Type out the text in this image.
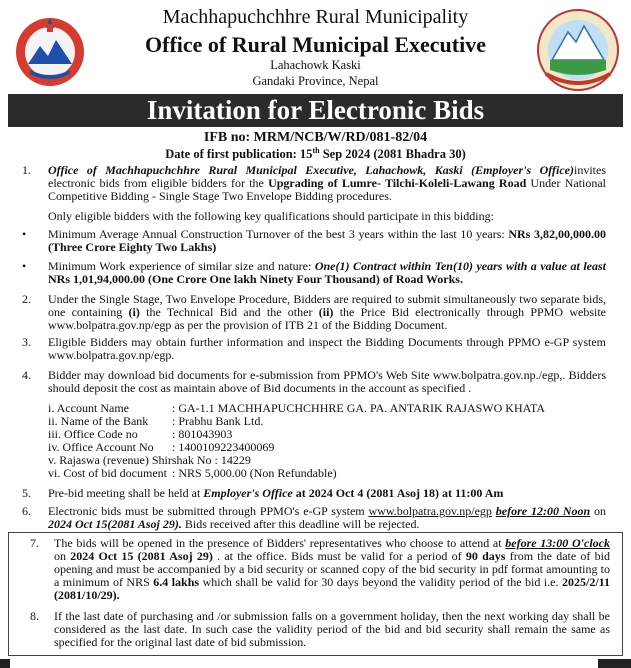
Machhapuchchhre Rural Municipality
Office of Rural Municipal Executive
Lahachowk Kaski
Gandaki Province, Nepal
Invitation for Electronic Bids
IFB no: MRM/NCB/W/RD/081-82/04
Date of first publication: 15th Sep 2024 (2081 Bhadra 30)
1. Office of Machhapuchchhre Rural Municipal Executive, Lahachowk, Kaski (Employer's Office)invites electronic bids from eligible bidders for the Upgrading of Lumre- Tilchi-Koleli-Lawang Road Under National Competitive Bidding - Single Stage Two Envelope Bidding procedures.
Only eligible bidders with the following key qualifications should participate in this bidding:
• Minimum Average Annual Construction Turnover of the best 3 years within the last 10 years: NRs 3,82,00,000.00 (Three Crore Eighty Two Lakhs)
• Minimum Work experience of similar size and nature: One(1) Contract within Ten(10) years with a value at least NRs 1,01,94,000.00 (One Crore One lakh Ninety Four Thousand) of Road Works.
2. Under the Single Stage, Two Envelope Procedure, Bidders are required to submit simultaneously two separate bids, one containing (i) the Technical Bid and the other (ii) the Price Bid electronically through PPMO website www.bolpatra.gov.np/egp as per the provision of ITB 21 of the Bidding Document.
3. Eligible Bidders may obtain further information and inspect the Bidding Documents through PPMO e-GP system www.bolpatra.gov.np/egp.
4. Bidder may download bid documents for e-submission from PPMO's Web Site www.bolpatra.gov.np./egp,. Bidders should deposit the cost as maintain above of Bid documents in the account as specified .
i. Account Name	: GA-1.1 MACHHAPUCHCHHRE GA. PA. ANTARIK RAJASWO KHATA
ii. Name of the Bank : Prabhu Bank Ltd.
iii. Office Code no	: 801043903
iv. Office Account No : 1400109223400069
v. Rajaswa (revenue) Shirshak No : 14229
vi. Cost of bid document : NRS 5,000.00 (Non Refundable)
5. Pre-bid meeting shall be held at Employer's Office at 2024 Oct 4 (2081 Asoj 18) at 11:00 Am
6. Electronic bids must be submitted through PPMO's e-GP system www.bolpatra.gov.np/egp before 12:00 Noon on 2024 Oct 15(2081 Asoj 29). Bids received after this deadline will be rejected.
7. The bids will be opened in the presence of Bidders' representatives who choose to attend at before 13:00 O'clock on 2024 Oct 15 (2081 Asoj 29) . at the office. Bids must be valid for a period of 90 days from the date of bid opening and must be accompanied by a bid security or scanned copy of the bid security in pdf format amounting to a minimum of NRS 6.4 lakhs which shall be valid for 30 days beyond the validity period of the bid i.e. 2025/2/11 (2081/10/29).
8. If the last date of purchasing and /or submission falls on a government holiday, then the next working day shall be considered as the last date. In such case the validity period of the bid and bid security shall remain the same as specified for the original last date of bid submission.
